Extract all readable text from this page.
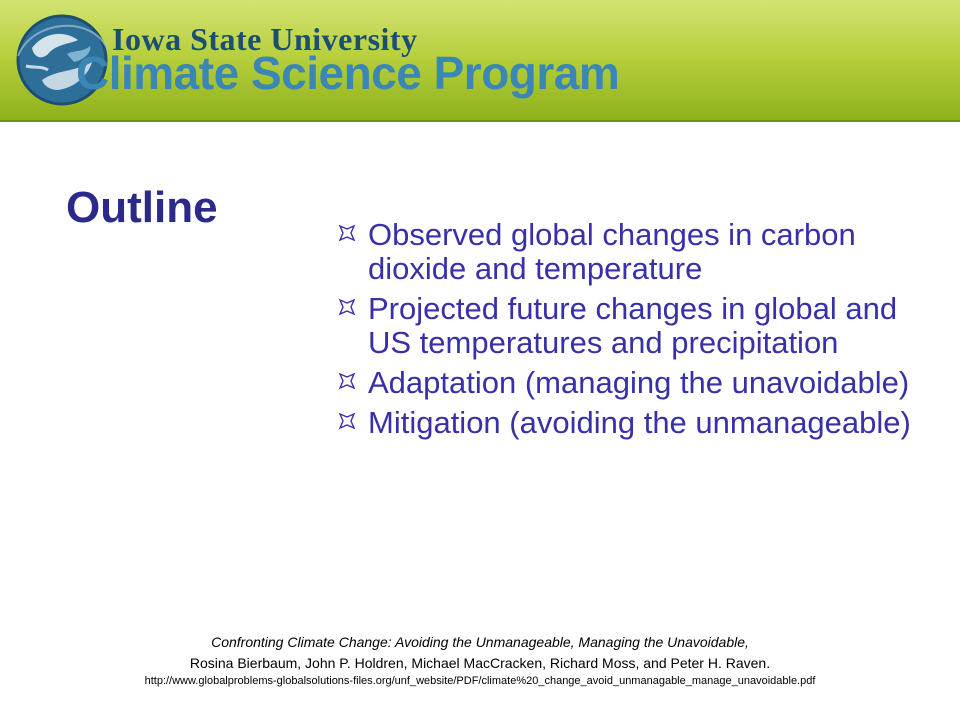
Iowa State University
Climate Science Program
Outline
Observed global changes in carbon dioxide and temperature
Projected future changes in global and US temperatures and precipitation
Adaptation (managing the unavoidable)
Mitigation (avoiding the unmanageable)
Confronting Climate Change: Avoiding the Unmanageable, Managing the Unavoidable,
Rosina Bierbaum, John P. Holdren, Michael MacCracken, Richard Moss, and Peter H. Raven.
http://www.globalproblems-globalsolutions-files.org/unf_website/PDF/climate%20_change_avoid_unmanagable_manage_unavoidable.pdf
